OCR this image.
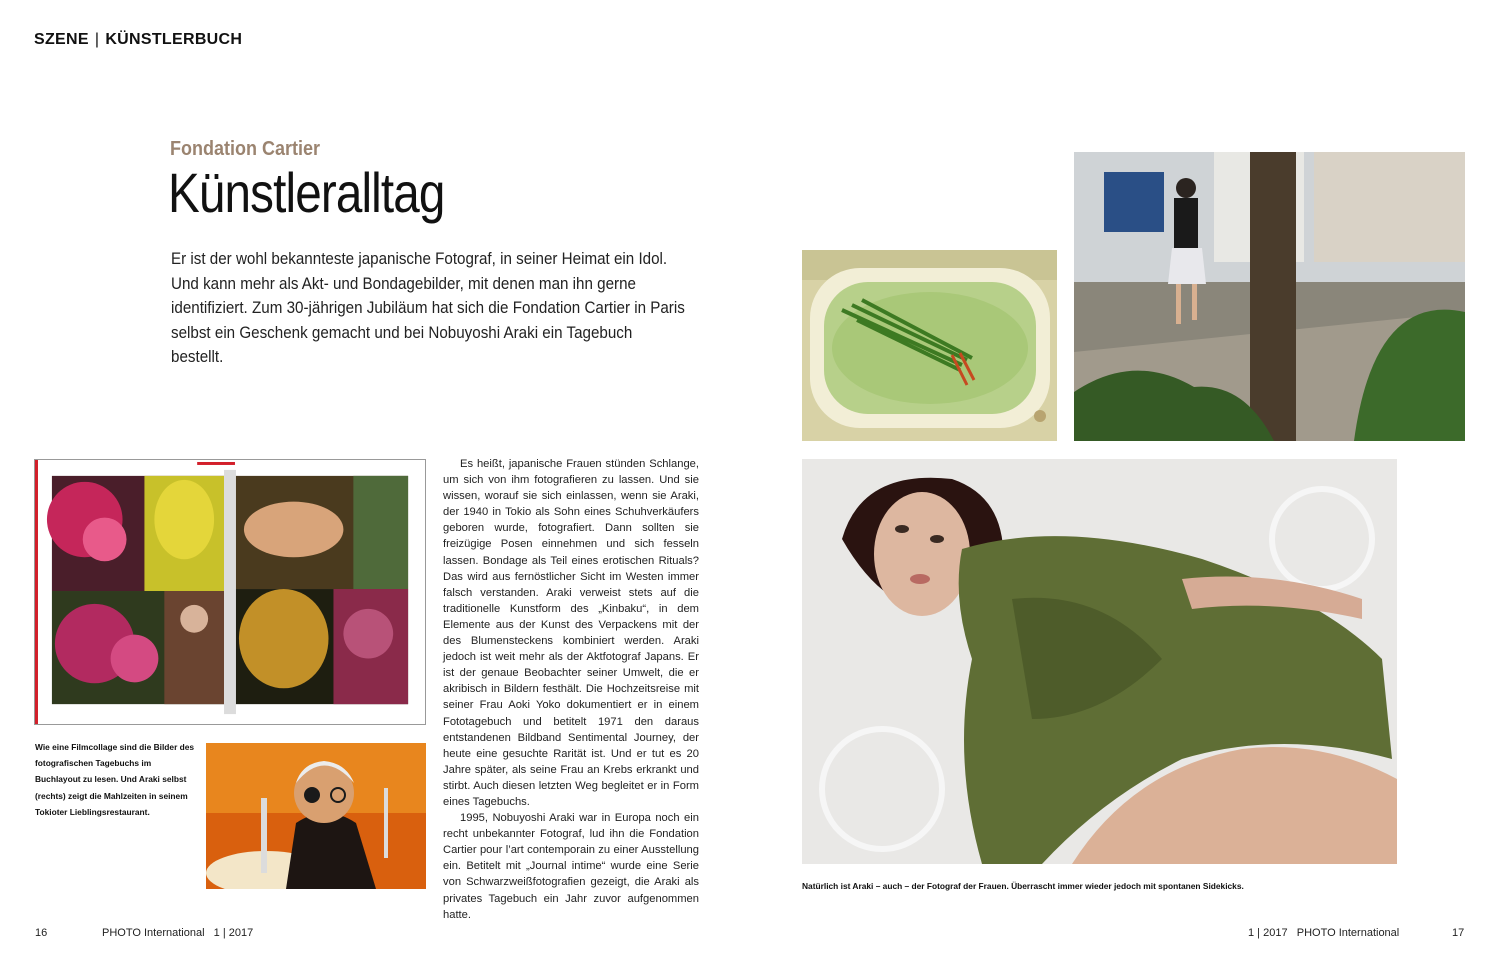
SZENE | KÜNSTLERBUCH
Fondation Cartier
Künstleralltag
Er ist der wohl bekannteste japanische Fotograf, in seiner Heimat ein Idol. Und kann mehr als Akt- und Bondagebilder, mit denen man ihn gerne identifiziert. Zum 30-jährigen Jubiläum hat sich die Fondation Cartier in Paris selbst ein Geschenk gemacht und bei Nobuyoshi Araki ein Tagebuch bestellt.
Wie eine Filmcollage sind die Bilder des fotografischen Tagebuchs im Buchlayout zu lesen. Und Araki selbst (rechts) zeigt die Mahlzeiten in seinem Tokioter Lieblingsrestaurant.

Es heißt, japanische Frauen stünden Schlange, um sich von ihm fotografieren zu lassen. Und sie wissen, worauf sie sich einlassen, wenn sie Araki, der 1940 in Tokio als Sohn eines Schuhverkäufers geboren wurde, fotografiert. Dann sollten sie freizügige Posen einnehmen und sich fesseln lassen. Bondage als Teil eines erotischen Rituals? Das wird aus fernöstlicher Sicht im Westen immer falsch verstanden. Araki verweist stets auf die traditionelle Kunstform des „Kinbaku“, in dem Elemente aus der Kunst des Verpackens mit der des Blumensteckens kombiniert werden. Araki jedoch ist weit mehr als der Aktfotograf Japans. Er ist der genaue Beobachter seiner Umwelt, die er akribisch in Bildern festhält. Die Hochzeitsreise mit seiner Frau Aoki Yoko dokumentiert er in einem Fototagebuch und betitelt 1971 den daraus entstandenen Bildband Sentimental Journey, der heute eine gesuchte Rarität ist. Und er tut es 20 Jahre später, als seine Frau an Krebs erkrankt und stirbt. Auch diesen letzten Weg begleitet er in Form eines Tagebuchs.

1995, Nobuyoshi Araki war in Europa noch ein recht unbekannter Fotograf, lud ihn die Fondation Cartier pour l’art contemporain zu einer Ausstellung ein. Betitelt mit „Journal intime“ wurde eine Serie von Schwarzweißfotografien gezeigt, die Araki als privates Tagebuch ein Jahr zuvor aufgenommen hatte.

Natürlich ist Araki – auch – der Fotograf der Frauen. Überrascht immer wieder jedoch mit spontanen Sidekicks.
16	PHOTO International   1 | 2017	1 | 2017   PHOTO International	17
